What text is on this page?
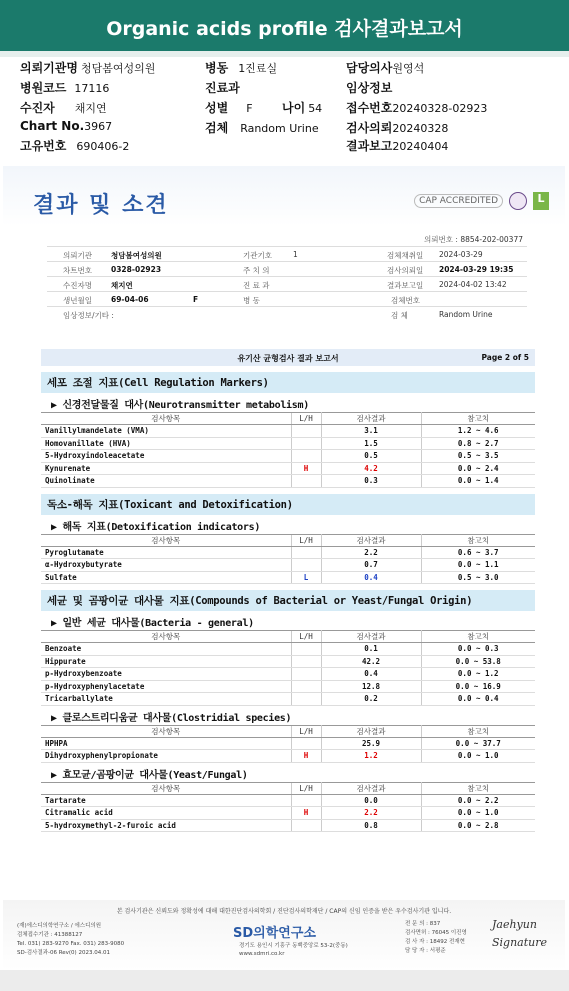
Organic acids profile 검사결과보고서
의뢰기관명 청담봄여성의원	병동 1진료실	담당의사원영석
병원코드 17116	진료과	임상정보
수진자 채지연	성별 F 나이 54 접수번호20240328-02923
Chart No.3967	검체 Random Urine 검사의뢰20240328
고유번호 690406-2	결과보고20240404
결과 및 소견	CAP ACCREDITED	L
의뢰번호 : 8854-202-00377
의뢰기관	청담봄여성의원	기관기호	1	검체채취일 2024-03-29
차트번호	0328-02923	주 치 의	검사의뢰일 2024-03-29 19:35
수진자명	채지연	진 료 과	결과보고일 2024-04-02 13:42
생년월일	69-04-06	F	병 동	검체번호
임상정보/기타 :	검 체	Random Urine
유기산 균형검사 결과 보고서	Page 2 of 5
세포 조절 지표(Cell Regulation Markers)
▶ 신경전달물질 대사(Neurotransmitter metabolism)
검사항목	L/H	검사결과	참고치
Vanillylmandelate (VMA)		3.1	1.2 ~ 4.6
Homovanillate (HVA)		1.5	0.8 ~ 2.7
5-Hydroxyindoleacetate		0.5	0.5 ~ 3.5
Kynurenate	H	4.2	0.0 ~ 2.4
Quinolinate		0.3	0.0 ~ 1.4
독소-해독 지표(Toxicant and Detoxification)
▶ 해독 지표(Detoxification indicators)
검사항목	L/H	검사결과	참고치
Pyroglutamate		2.2	0.6 ~ 3.7
α-Hydroxybutyrate		0.7	0.0 ~ 1.1
Sulfate	L	0.4	0.5 ~ 3.0
세균 및 곰팡이균 대사물 지표(Compounds of Bacterial or Yeast/Fungal Origin)
▶ 일반 세균 대사물(Bacteria - general)
검사항목	L/H	검사결과	참고치
Benzoate		0.1	0.0 ~ 0.3
Hippurate		42.2	0.0 ~ 53.8
p-Hydroxybenzoate		0.4	0.0 ~ 1.2
p-Hydroxyphenylacetate		12.8	0.0 ~ 16.9
Tricarballylate		0.2	0.0 ~ 0.4
▶ 클로스트리디움균 대사물(Clostridial species)
검사항목	L/H	검사결과	참고치
HPHPA		25.9	0.0 ~ 37.7
Dihydroxyphenylpropionate	H	1.2	0.0 ~ 1.0
▶ 효모균/곰팡이균 대사물(Yeast/Fungal)
검사항목	L/H	검사결과	참고치
Tartarate		0.0	0.0 ~ 2.2
Citramalic acid	H	2.2	0.0 ~ 1.0
5-hydroxymethyl-2-furoic acid		0.8	0.0 ~ 2.8
본 검사기관은 신뢰도와 정확성에 대해 대한진단검사의학회 / 진단검사의학재단 / CAP의 신임 인증을 받은 우수검사기관 입니다.
(재)에스디의학연구소 / 에스디의원
검체접수기관 : 41388127
Tel. 031) 283-9270 Fax. 031) 283-9080
SD-검사결과-06 Rev(0) 2023.04.01
SD의학연구소
경기도 용인시 기흥구 동백중앙로 53-2(중동)
www.sdmri.co.kr
전 문 의 : 837
검사면허 : 76045 이진영
검 사 자 : 18492 전재현
담 당 자 : 서평준
Jaehyun
Signature
